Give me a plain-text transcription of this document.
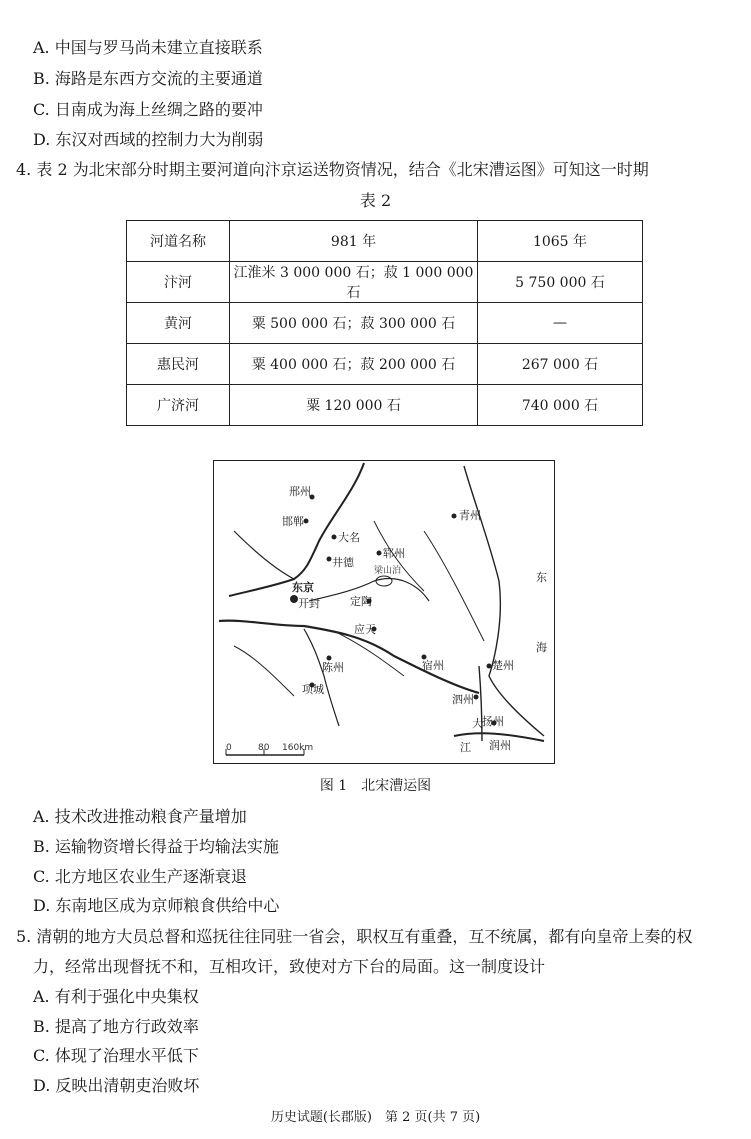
A. 中国与罗马尚未建立直接联系
B. 海路是东西方交流的主要通道
C. 日南成为海上丝绸之路的要冲
D. 东汉对西域的控制力大为削弱
4. 表 2 为北宋部分时期主要河道向汴京运送物资情况，结合《北宋漕运图》可知这一时期
表 2
河道名称	981 年	1065 年
汴河	江淮米 3 000 000 石；菽 1 000 000 石	5 750 000 石
黄河	粟 500 000 石；菽 300 000 石	—
惠民河	粟 400 000 石；菽 200 000 石	267 000 石
广济河	粟 120 000 石	740 000 石
邢州
邯郸
大名
青州
郓州
井德
梁山泊
东京
开封	定陶
应天
宿州
陈州
项城
楚州
泗州
扬州
润州
大
江
东
海
0	80 160km
图 1　北宋漕运图
A. 技术改进推动粮食产量增加
B. 运输物资增长得益于均输法实施
C. 北方地区农业生产逐渐衰退
D. 东南地区成为京师粮食供给中心
5. 清朝的地方大员总督和巡抚往往同驻一省会，职权互有重叠，互不统属，都有向皇帝上奏的权
力，经常出现督抚不和，互相攻讦，致使对方下台的局面。这一制度设计
A. 有利于强化中央集权
B. 提高了地方行政效率
C. 体现了治理水平低下
D. 反映出清朝吏治败坏
历史试题(长郡版)　第 2 页(共 7 页)
